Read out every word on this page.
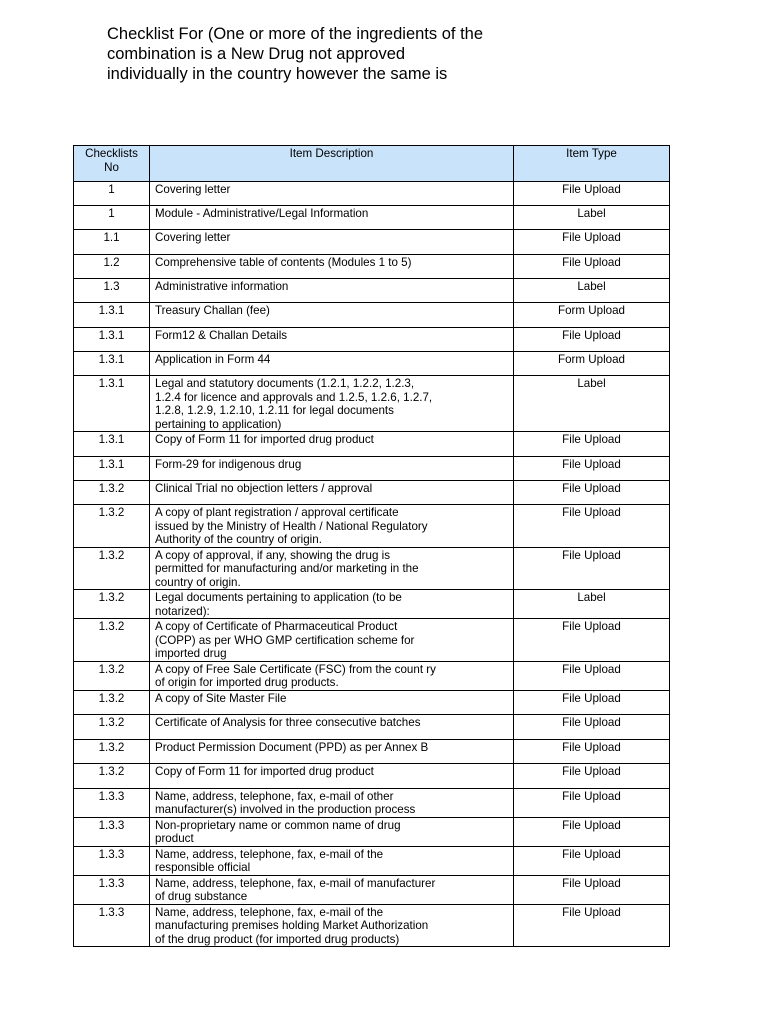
Checklist For (One or more of the ingredients of the
combination is a New Drug not approved
individually in the country however the same is
Checklists No	Item Description	Item Type
1	Covering letter	File Upload
1	Module - Administrative/Legal Information	Label
1.1	Covering letter	File Upload
1.2	Comprehensive table of contents (Modules 1 to 5)	File Upload
1.3	Administrative information	Label
1.3.1	Treasury Challan (fee)	Form Upload
1.3.1	Form12 & Challan Details	File Upload
1.3.1	Application in Form 44	Form Upload
1.3.1	Legal and statutory documents (1.2.1, 1.2.2, 1.2.3,
1.2.4 for licence and approvals and 1.2.5, 1.2.6, 1.2.7,
1.2.8, 1.2.9, 1.2.10, 1.2.11 for legal documents
pertaining to application)	Label
1.3.1	Copy of Form 11 for imported drug product	File Upload
1.3.1	Form-29 for indigenous drug	File Upload
1.3.2	Clinical Trial no objection letters / approval	File Upload
1.3.2	A copy of plant registration / approval certificate
issued by the Ministry of Health / National Regulatory
Authority of the country of origin.	File Upload
1.3.2	A copy of approval, if any, showing the drug is
permitted for manufacturing and/or marketing in the
country of origin.	File Upload
1.3.2	Legal documents pertaining to application (to be
notarized):	Label
1.3.2	A copy of Certificate of Pharmaceutical Product
(COPP) as per WHO GMP certification scheme for
imported drug	File Upload
1.3.2	A copy of Free Sale Certificate (FSC) from the count ry
of origin for imported drug products.	File Upload
1.3.2	A copy of Site Master File	File Upload
1.3.2	Certificate of Analysis for three consecutive batches	File Upload
1.3.2	Product Permission Document (PPD) as per Annex B	File Upload
1.3.2	Copy of Form 11 for imported drug product	File Upload
1.3.3	Name, address, telephone, fax, e-mail of other
manufacturer(s) involved in the production process	File Upload
1.3.3	Non-proprietary name or common name of drug
product	File Upload
1.3.3	Name, address, telephone, fax, e-mail of the
responsible official	File Upload
1.3.3	Name, address, telephone, fax, e-mail of manufacturer
of drug substance	File Upload
1.3.3	Name, address, telephone, fax, e-mail of the
manufacturing premises holding Market Authorization
of the drug product (for imported drug products)	File Upload
